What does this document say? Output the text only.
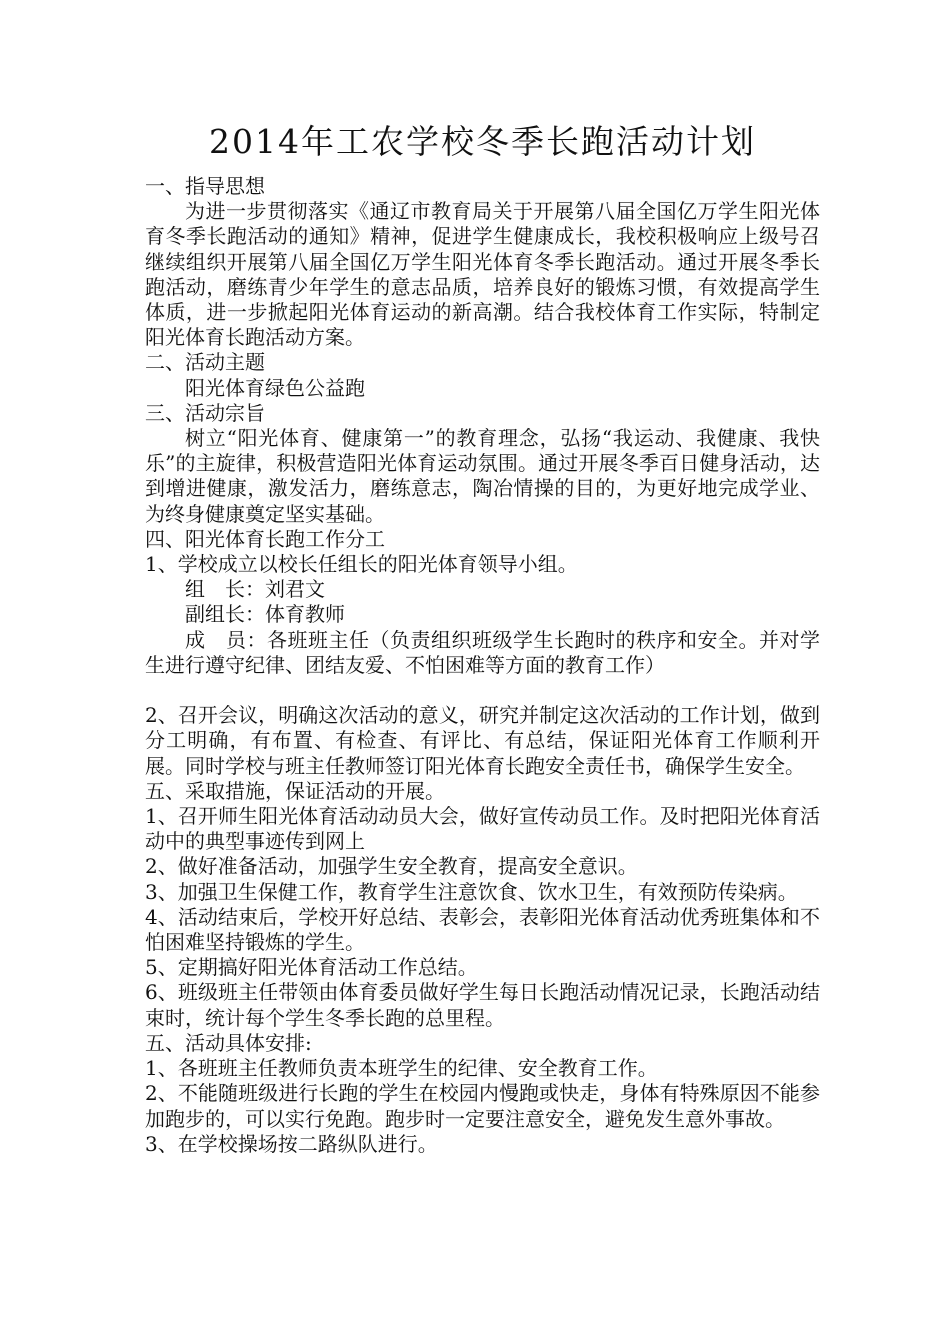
2014年工农学校冬季长跑活动计划

一、指导思想

为进一步贯彻落实《通辽市教育局关于开展第八届全国亿万学生阳光体育冬季长跑活动的通知》精神，促进学生健康成长，我校积极响应上级号召继续组织开展第八届全国亿万学生阳光体育冬季长跑活动。通过开展冬季长跑活动，磨练青少年学生的意志品质，培养良好的锻炼习惯，有效提高学生体质，进一步掀起阳光体育运动的新高潮。结合我校体育工作实际，特制定阳光体育长跑活动方案。

二、活动主题

阳光体育绿色公益跑

三、活动宗旨

树立“阳光体育、健康第一”的教育理念，弘扬“我运动、我健康、我快乐”的主旋律，积极营造阳光体育运动氛围。通过开展冬季百日健身活动，达到增进健康，激发活力，磨练意志，陶冶情操的目的，为更好地完成学业、为终身健康奠定坚实基础。

四、阳光体育长跑工作分工

1、学校成立以校长任组长的阳光体育领导小组。

组　长：刘君文

副组长：体育教师

成　员：各班班主任（负责组织班级学生长跑时的秩序和安全。并对学生进行遵守纪律、团结友爱、不怕困难等方面的教育工作）

2、召开会议，明确这次活动的意义，研究并制定这次活动的工作计划，做到分工明确，有布置、有检查、有评比、有总结，保证阳光体育工作顺利开展。同时学校与班主任教师签订阳光体育长跑安全责任书，确保学生安全。

五、采取措施，保证活动的开展。

1、召开师生阳光体育活动动员大会，做好宣传动员工作。及时把阳光体育活动中的典型事迹传到网上

2、做好准备活动，加强学生安全教育，提高安全意识。

3、加强卫生保健工作，教育学生注意饮食、饮水卫生，有效预防传染病。

4、活动结束后，学校开好总结、表彰会，表彰阳光体育活动优秀班集体和不怕困难坚持锻炼的学生。

5、定期搞好阳光体育活动工作总结。

6、班级班主任带领由体育委员做好学生每日长跑活动情况记录，长跑活动结束时，统计每个学生冬季长跑的总里程。

五、活动具体安排:

1、各班班主任教师负责本班学生的纪律、安全教育工作。

2、不能随班级进行长跑的学生在校园内慢跑或快走，身体有特殊原因不能参加跑步的，可以实行免跑。跑步时一定要注意安全，避免发生意外事故。

3、在学校操场按二路纵队进行。
